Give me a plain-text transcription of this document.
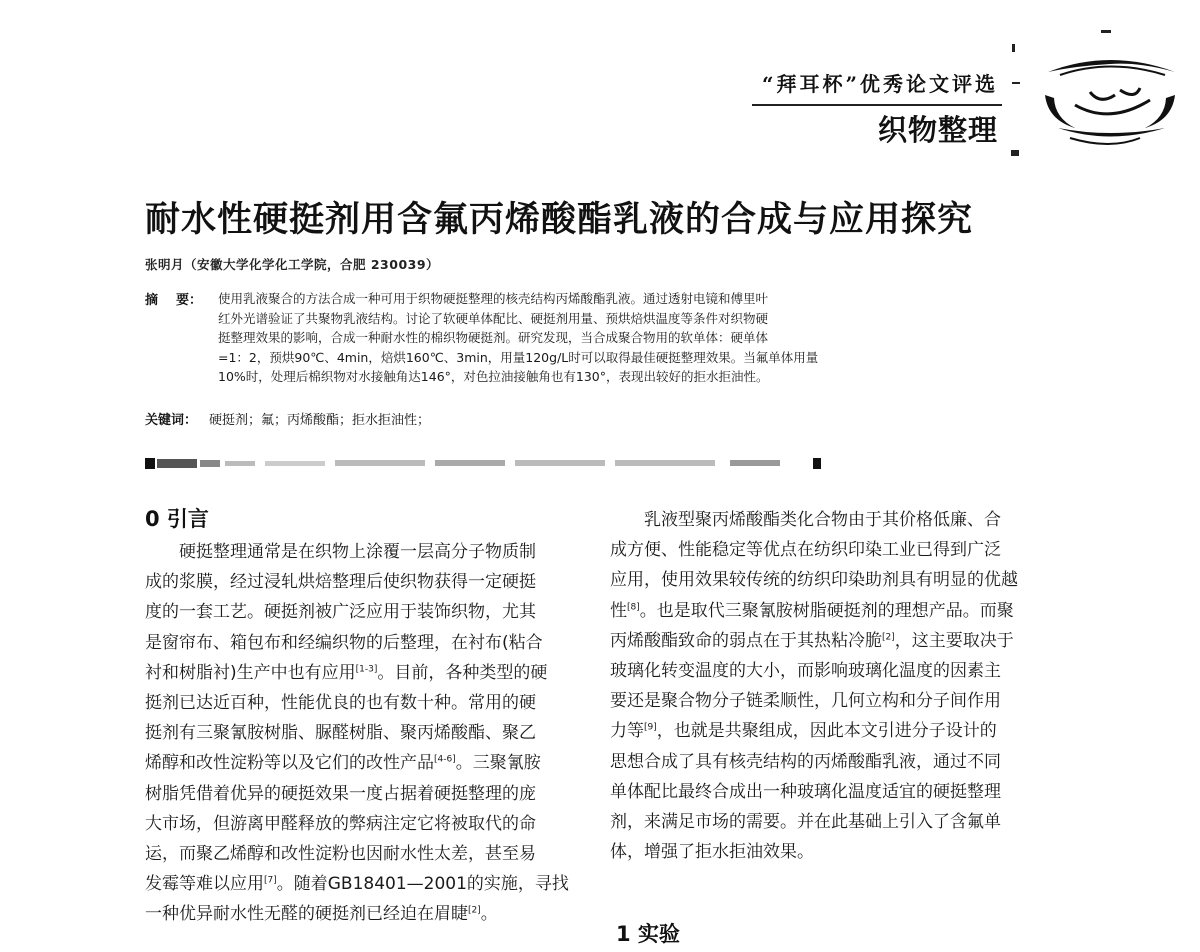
“拜耳杯”优秀论文评选
织物整理
耐水性硬挺剂用含氟丙烯酸酯乳液的合成与应用探究
张明月（安徽大学化学化工学院，合肥 230039）
摘 要： 使用乳液聚合的方法合成一种可用于织物硬挺整理的核壳结构丙烯酸酯乳液。通过透射电镜和傅里叶
红外光谱验证了共聚物乳液结构。讨论了软硬单体配比、硬挺剂用量、预烘焙烘温度等条件对织物硬
挺整理效果的影响，合成一种耐水性的棉织物硬挺剂。研究发现，当合成聚合物用的软单体：硬单体
=1：2，预烘90℃、4min，焙烘160℃、3min，用量120g/L时可以取得最佳硬挺整理效果。当氟单体用量
10%时，处理后棉织物对水接触角达146°，对色拉油接触角也有130°，表现出较好的拒水拒油性。
关键词： 硬挺剂；氟；丙烯酸酯；拒水拒油性；
0 引言
　　硬挺整理通常是在织物上涂覆一层高分子物质制
成的浆膜，经过浸轧烘焙整理后使织物获得一定硬挺
度的一套工艺。硬挺剂被广泛应用于装饰织物，尤其
是窗帘布、箱包布和经编织物的后整理，在衬布(粘合
衬和树脂衬)生产中也有应用[1-3]。目前，各种类型的硬
挺剂已达近百种，性能优良的也有数十种。常用的硬
挺剂有三聚氰胺树脂、脲醛树脂、聚丙烯酸酯、聚乙
烯醇和改性淀粉等以及它们的改性产品[4-6]。三聚氰胺
树脂凭借着优异的硬挺效果一度占据着硬挺整理的庞
大市场，但游离甲醛释放的弊病注定它将被取代的命
运，而聚乙烯醇和改性淀粉也因耐水性太差，甚至易
发霉等难以应用[7]。随着GB18401—2001的实施，寻找
一种优异耐水性无醛的硬挺剂已经迫在眉睫[2]。
　　乳液型聚丙烯酸酯类化合物由于其价格低廉、合
成方便、性能稳定等优点在纺织印染工业已得到广泛
应用，使用效果较传统的纺织印染助剂具有明显的优越
性[8]。也是取代三聚氰胺树脂硬挺剂的理想产品。而聚
丙烯酸酯致命的弱点在于其热粘冷脆[2]，这主要取决于
玻璃化转变温度的大小，而影响玻璃化温度的因素主
要还是聚合物分子链柔顺性，几何立构和分子间作用
力等[9]，也就是共聚组成，因此本文引进分子设计的
思想合成了具有核壳结构的丙烯酸酯乳液，通过不同
单体配比最终合成出一种玻璃化温度适宜的硬挺整理
剂，来满足市场的需要。并在此基础上引入了含氟单
体，增强了拒水拒油效果。
1 实验
